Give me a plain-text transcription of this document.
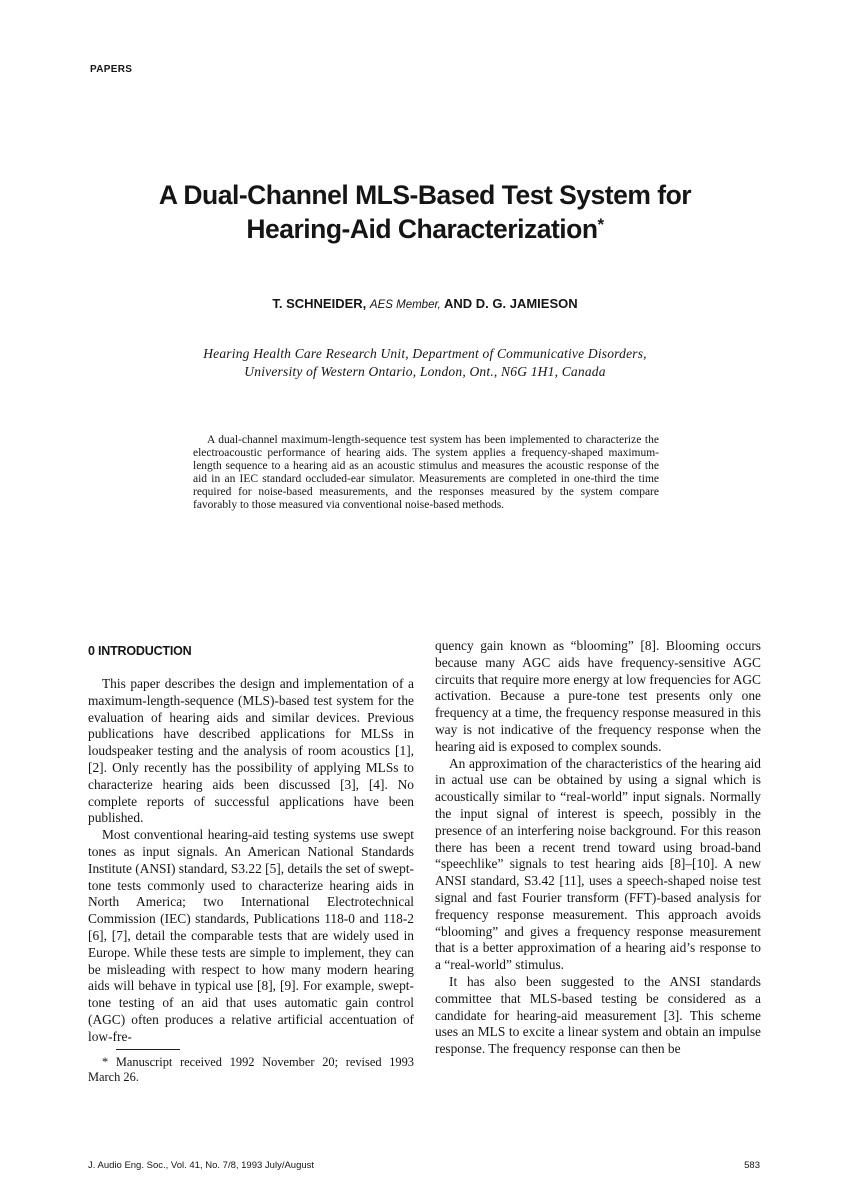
PAPERS
A Dual-Channel MLS-Based Test System for
Hearing-Aid Characterization*
T. SCHNEIDER, AES Member, AND D. G. JAMIESON
Hearing Health Care Research Unit, Department of Communicative Disorders,
University of Western Ontario, London, Ont., N6G 1H1, Canada
A dual-channel maximum-length-sequence test system has been implemented to characterize the electroacoustic performance of hearing aids. The system applies a frequency-shaped maximum-length sequence to a hearing aid as an acoustic stimulus and measures the acoustic response of the aid in an IEC standard occluded-ear simulator. Measurements are completed in one-third the time required for noise-based measurements, and the responses measured by the system compare favorably to those measured via conventional noise-based methods.
0 INTRODUCTION

This paper describes the design and implementation of a maximum-length-sequence (MLS)-based test system for the evaluation of hearing aids and similar devices. Previous publications have described applications for MLSs in loudspeaker testing and the analysis of room acoustics [1], [2]. Only recently has the possibility of applying MLSs to characterize hearing aids been discussed [3], [4]. No complete reports of successful applications have been published.

Most conventional hearing-aid testing systems use swept tones as input signals. An American National Standards Institute (ANSI) standard, S3.22 [5], details the set of swept-tone tests commonly used to characterize hearing aids in North America; two International Electrotechnical Commission (IEC) standards, Publications 118-0 and 118-2 [6], [7], detail the comparable tests that are widely used in Europe. While these tests are simple to implement, they can be misleading with respect to how many modern hearing aids will behave in typical use [8], [9]. For example, swept-tone testing of an aid that uses automatic gain control (AGC) often produces a relative artificial accentuation of low-fre-

quency gain known as “blooming” [8]. Blooming occurs because many AGC aids have frequency-sensitive AGC circuits that require more energy at low frequencies for AGC activation. Because a pure-tone test presents only one frequency at a time, the frequency response measured in this way is not indicative of the frequency response when the hearing aid is exposed to complex sounds.

An approximation of the characteristics of the hearing aid in actual use can be obtained by using a signal which is acoustically similar to “real-world” input signals. Normally the input signal of interest is speech, possibly in the presence of an interfering noise background. For this reason there has been a recent trend toward using broad-band “speechlike” signals to test hearing aids [8]–[10]. A new ANSI standard, S3.42 [11], uses a speech-shaped noise test signal and fast Fourier transform (FFT)-based analysis for frequency response measurement. This approach avoids “blooming” and gives a frequency response measurement that is a better approximation of a hearing aid’s response to a “real-world” stimulus.

It has also been suggested to the ANSI standards committee that MLS-based testing be considered as a candidate for hearing-aid measurement [3]. This scheme uses an MLS to excite a linear system and obtain an impulse response. The frequency response can then be

* Manuscript received 1992 November 20; revised 1993 March 26.
J. Audio Eng. Soc., Vol. 41, No. 7/8, 1993 July/August	583
